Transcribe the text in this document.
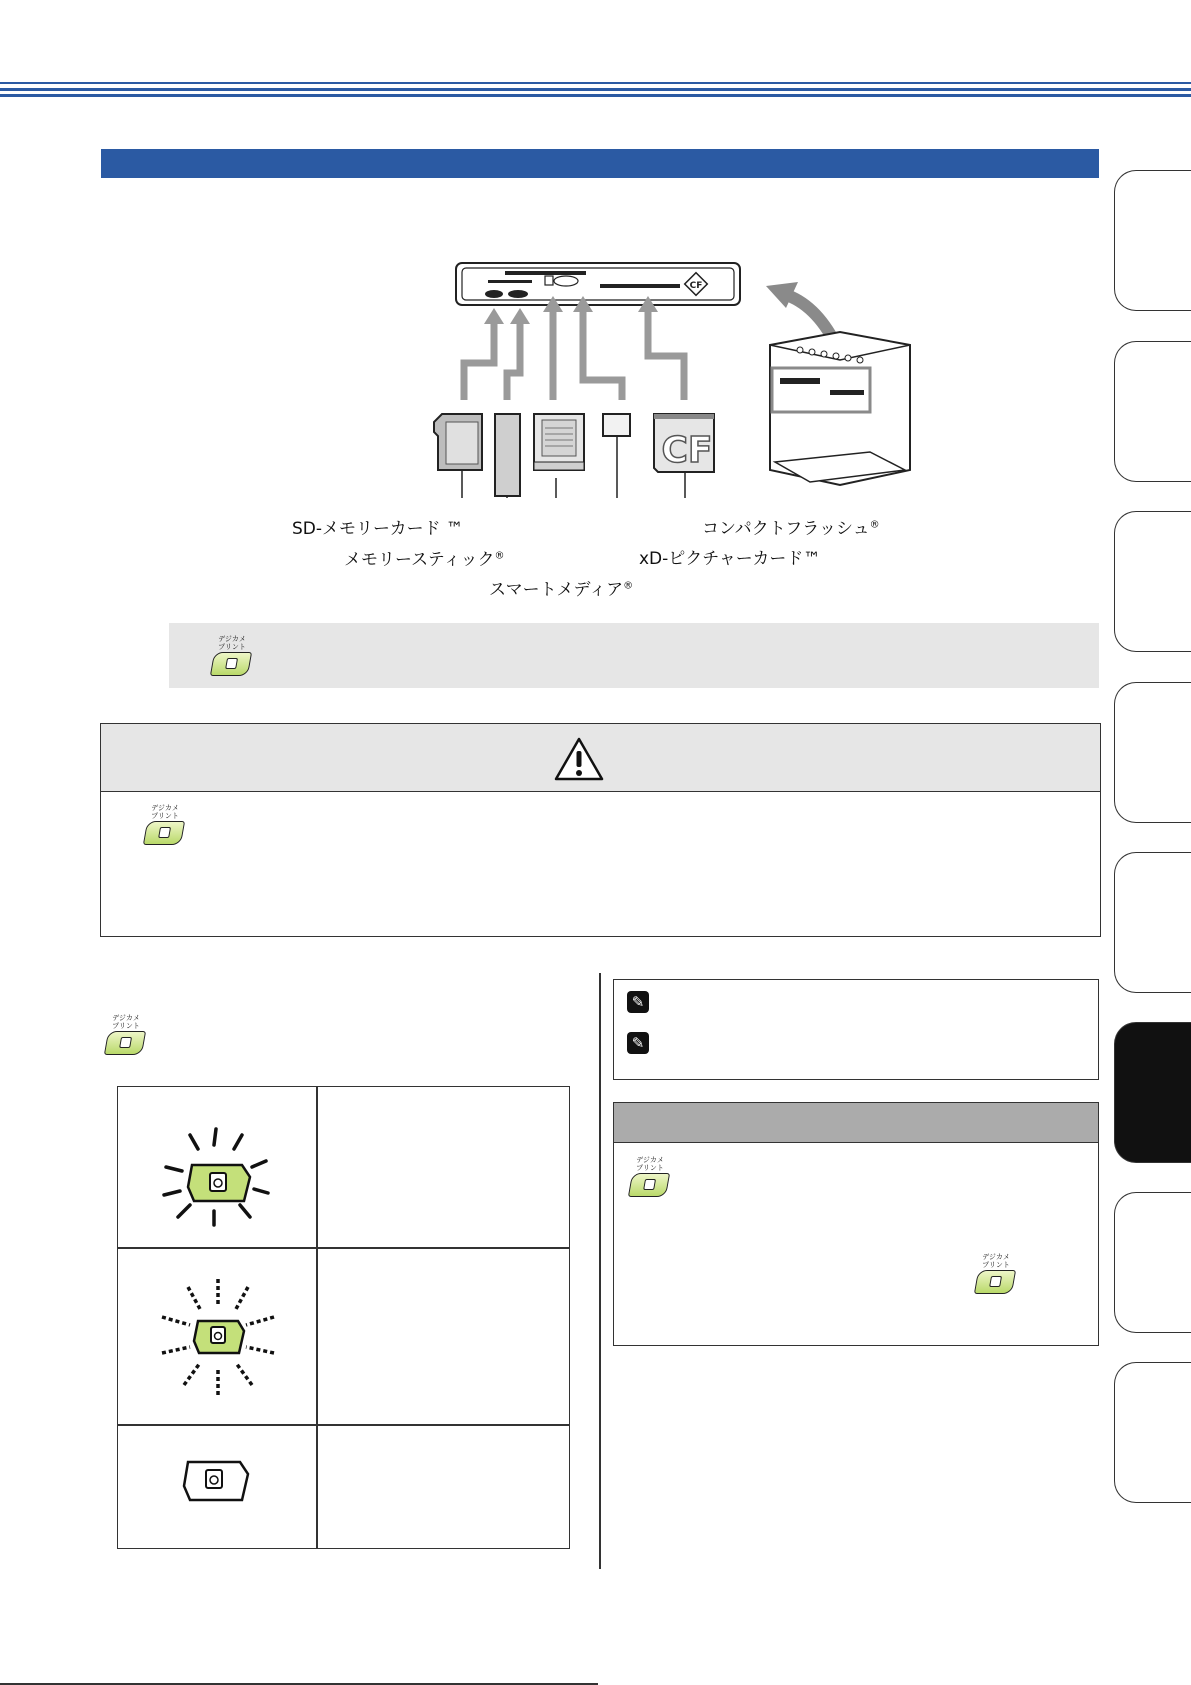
CF
CF
SD-メモリーカード ™
メモリースティック®
スマートメディア®
xD-ピクチャーカード™
コンパクトフラッシュ®
デジカメ
プリント
デジカメ
プリント
デジカメ
プリント
✎
✎
デジカメ
プリント
デジカメ
プリント
